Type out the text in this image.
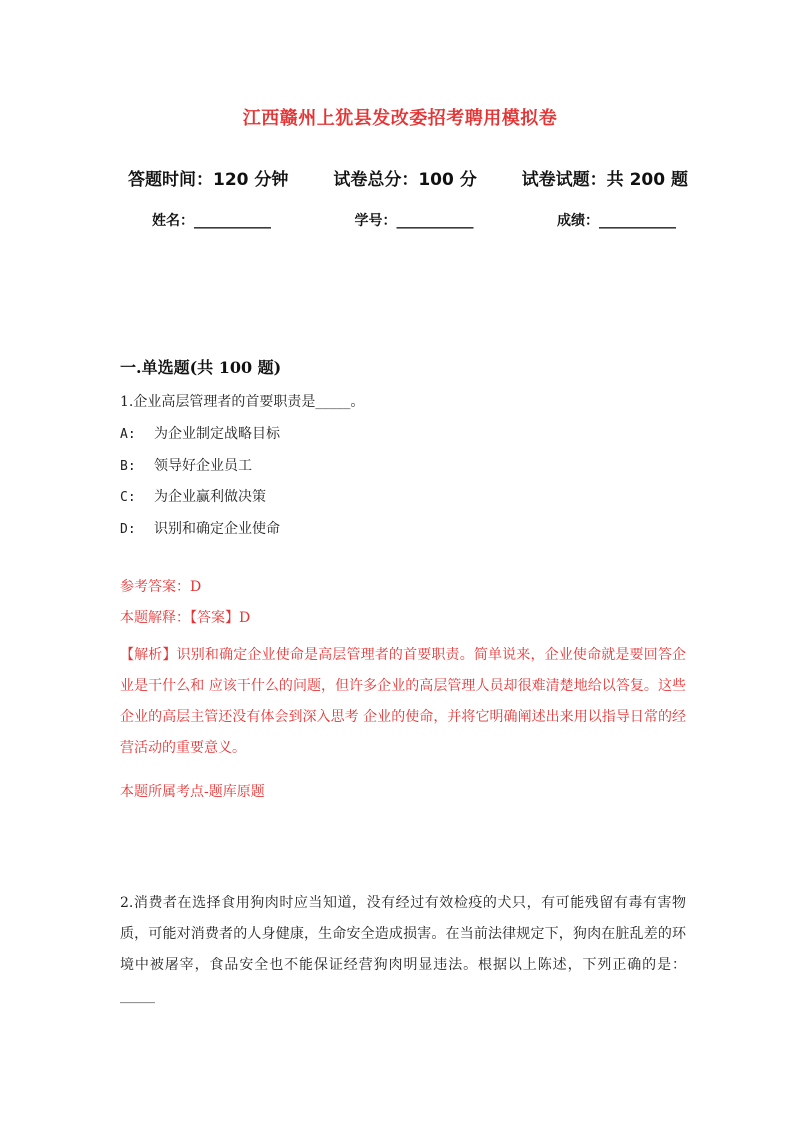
江西赣州上犹县发改委招考聘用模拟卷
答题时间：120 分钟	试卷总分：100 分	试卷试题：共 200 题
姓名：___________	学号：___________	成绩：___________
一.单选题(共 100 题)
1.企业高层管理者的首要职责是_____。
A: 为企业制定战略目标
B: 领导好企业员工
C: 为企业赢利做决策
D: 识别和确定企业使命
参考答案：D
本题解释：【答案】D
【解析】识别和确定企业使命是高层管理者的首要职责。简单说来，企业使命就是要回答企业是干什么和 应该干什么的问题，但许多企业的高层管理人员却很难清楚地给以答复。这些企业的高层主管还没有体会到深入思考 企业的使命，并将它明确阐述出来用以指导日常的经营活动的重要意义。
本题所属考点-题库原题
2.消费者在选择食用狗肉时应当知道，没有经过有效检疫的犬只，有可能残留有毒有害物质，可能对消费者的人身健康，生命安全造成损害。在当前法律规定下，狗肉在脏乱差的环境中被屠宰，食品安全也不能保证经营狗肉明显违法。根据以上陈述，下列正确的是：_____
